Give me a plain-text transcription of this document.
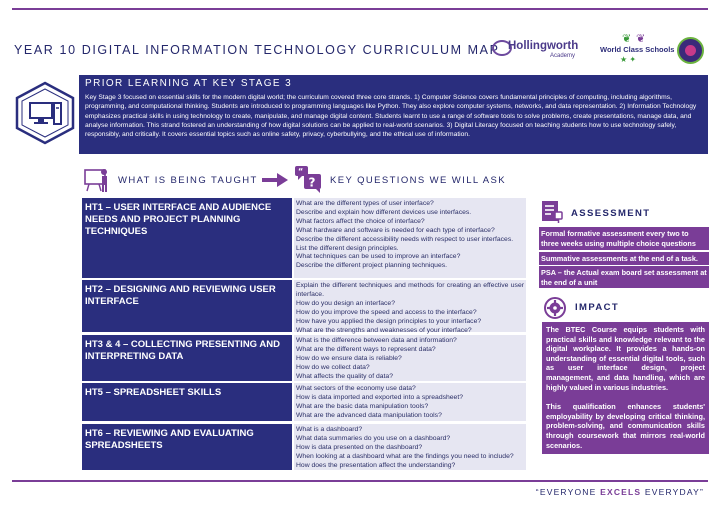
YEAR 10 DIGITAL INFORMATION TECHNOLOGY CURRICULUM MAP Hollingworth
Academy
❦ ❦
World Class Schools
★ ✦
PRIOR LEARNING AT KEY STAGE 3

Key Stage 3 focused on essential skills for the modern digital world; the curriculum covered three core strands. 1) Computer Science covers fundamental principles of computing, including algorithms, programming, and computational thinking. Students are introduced to programming languages like Python. They also explore computer systems, networks, and data representation. 2) Information Technology emphasizes practical skills in using technology to create, manipulate, and manage digital content. Students learnt to use a range of software tools to solve problems, create presentations, manage data, and analyse information. This strand fostered an understanding of how digital solutions can be applied to real-world scenarios. 3) Digital Literacy focused on teaching students how to use technology safely, responsibly, and critically. It covers essential topics such as online safety, privacy, cyberbullying, and the ethical use of information.

WHAT IS BEING TAUGHT
“
? KEY QUESTIONS WE WILL ASK
HT1 – USER INTERFACE AND AUDIENCE NEEDS AND PROJECT PLANNING TECHNIQUES
What are the different types of user interface?
Describe and explain how different devices use interfaces.
What factors affect the choice of interface?
What hardware and software is needed for each type of interface?
Describe the different accessibility needs with respect to user interfaces.
List the different design principles.
What techniques can be used to improve an interface?
Describe the different project planning techniques.
HT2 – DESIGNING AND REVIEWING USER INTERFACE
Explain the different techniques and methods for creating an effective user interface.
How do you design an interface?
How do you improve the speed and access to the interface?
How have you applied the design principles to your interface?
What are the strengths and weaknesses of your interface?
HT3 & 4 – COLLECTING PRESENTING AND INTERPRETING DATA
What is the difference between data and information?
What are the different ways to represent data?
How do we ensure data is reliable?
How do we collect data?
What affects the quality of data?
HT5 – SPREADSHEET SKILLS	What sectors of the economy use data?
How is data imported and exported into a spreadsheet?
What are the basic data manipulation tools?
What are the advanced data manipulation tools?
HT6 – REVIEWING AND EVALUATING SPREADSHEETS
What is a dashboard?
What data summaries do you use on a dashboard?
How is data presented on the dashboard?
When looking at a dashboard what are the findings you need to include?
How does the presentation affect the understanding?
ASSESSMENT
Formal formative assessment every two to three weeks using multiple choice questions
Summative assessments at the end of a task.
PSA – the Actual exam board set assessment at the end of a unit
IMPACT

The BTEC Course equips students with practical skills and knowledge relevant to the digital workplace. It provides a hands-on understanding of essential digital tools, such as user interface design, project management, and data handling, which are highly valued in various industries.

This qualification enhances students' employability by developing critical thinking, problem-solving, and communication skills through coursework that mirrors real-world scenarios.

“EVERYONE EXCELS EVERYDAY”
